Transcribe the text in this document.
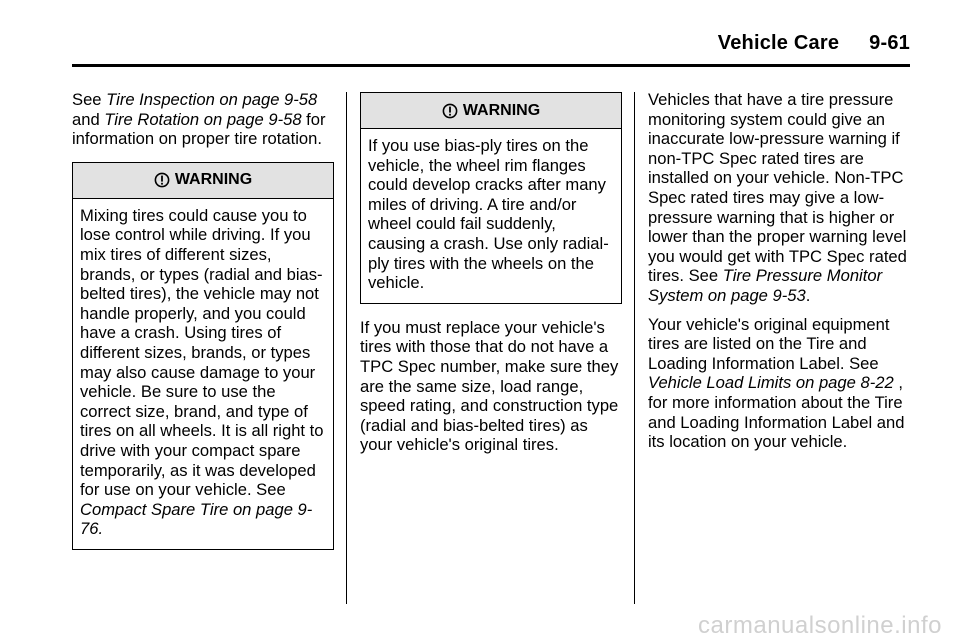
Vehicle Care 9-61

See Tire Inspection on page 9-58 and Tire Rotation on page 9-58 for information on proper tire rotation.

WARNING

Mixing tires could cause you to lose control while driving. If you mix tires of different sizes, brands, or types (radial and bias-belted tires), the vehicle may not handle properly, and you could have a crash. Using tires of different sizes, brands, or types may also cause damage to your vehicle. Be sure to use the correct size, brand, and type of tires on all wheels. It is all right to drive with your compact spare temporarily, as it was developed for use on your vehicle. See Compact Spare Tire on page 9-76.

WARNING

If you use bias-ply tires on the vehicle, the wheel rim flanges could develop cracks after many miles of driving. A tire and/or wheel could fail suddenly, causing a crash. Use only radial-ply tires with the wheels on the vehicle.

If you must replace your vehicle's tires with those that do not have a TPC Spec number, make sure they are the same size, load range, speed rating, and construction type (radial and bias-belted tires) as your vehicle's original tires.

Vehicles that have a tire pressure monitoring system could give an inaccurate low-pressure warning if non-TPC Spec rated tires are installed on your vehicle. Non-TPC Spec rated tires may give a low-pressure warning that is higher or lower than the proper warning level you would get with TPC Spec rated tires. See Tire Pressure Monitor System on page 9-53.

Your vehicle's original equipment tires are listed on the Tire and Loading Information Label. See Vehicle Load Limits on page 8-22 , for more information about the Tire and Loading Information Label and its location on your vehicle.

carmanualsonline.info
